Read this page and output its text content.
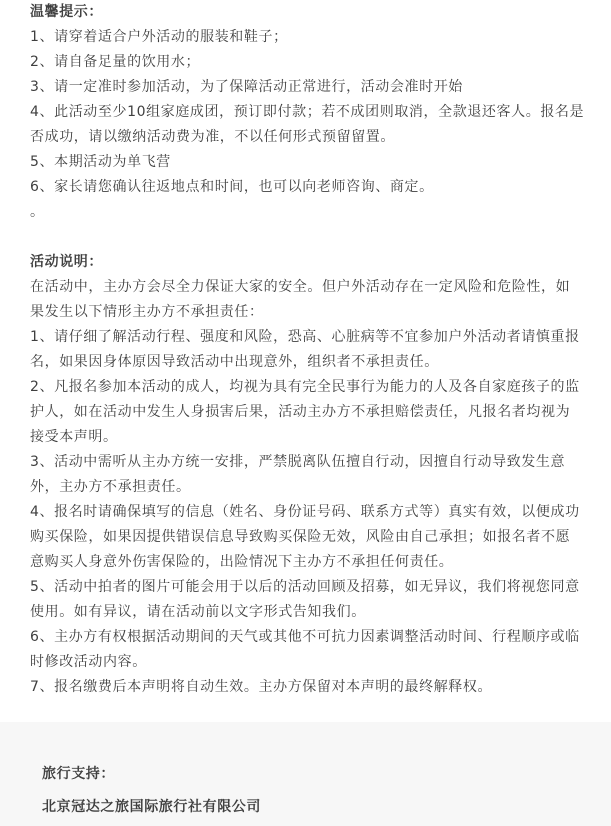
温馨提示：
1、请穿着适合户外活动的服装和鞋子；
2、请自备足量的饮用水；
3、请一定准时参加活动，为了保障活动正常进行，活动会准时开始
4、此活动至少10组家庭成团，预订即付款；若不成团则取消，全款退还客人。报名是
否成功，请以缴纳活动费为准，不以任何形式预留留置。
5、本期活动为单飞营
6、家长请您确认往返地点和时间，也可以向老师咨询、商定。
。
活动说明：
在活动中，主办方会尽全力保证大家的安全。但户外活动存在一定风险和危险性，如
果发生以下情形主办方不承担责任：
1、请仔细了解活动行程、强度和风险，恐高、心脏病等不宜参加户外活动者请慎重报
名，如果因身体原因导致活动中出现意外，组织者不承担责任。
2、凡报名参加本活动的成人，均视为具有完全民事行为能力的人及各自家庭孩子的监
护人，如在活动中发生人身损害后果，活动主办方不承担赔偿责任，凡报名者均视为
接受本声明。
3、活动中需听从主办方统一安排，严禁脱离队伍擅自行动，因擅自行动导致发生意
外，主办方不承担责任。
4、报名时请确保填写的信息（姓名、身份证号码、联系方式等）真实有效，以便成功
购买保险，如果因提供错误信息导致购买保险无效，风险由自己承担；如报名者不愿
意购买人身意外伤害保险的，出险情况下主办方不承担任何责任。
5、活动中拍者的图片可能会用于以后的活动回顾及招募，如无异议，我们将视您同意
使用。如有异议，请在活动前以文字形式告知我们。
6、主办方有权根据活动期间的天气或其他不可抗力因素调整活动时间、行程顺序或临
时修改活动内容。
7、报名缴费后本声明将自动生效。主办方保留对本声明的最终解释权。
旅行支持：
北京冠达之旅国际旅行社有限公司
